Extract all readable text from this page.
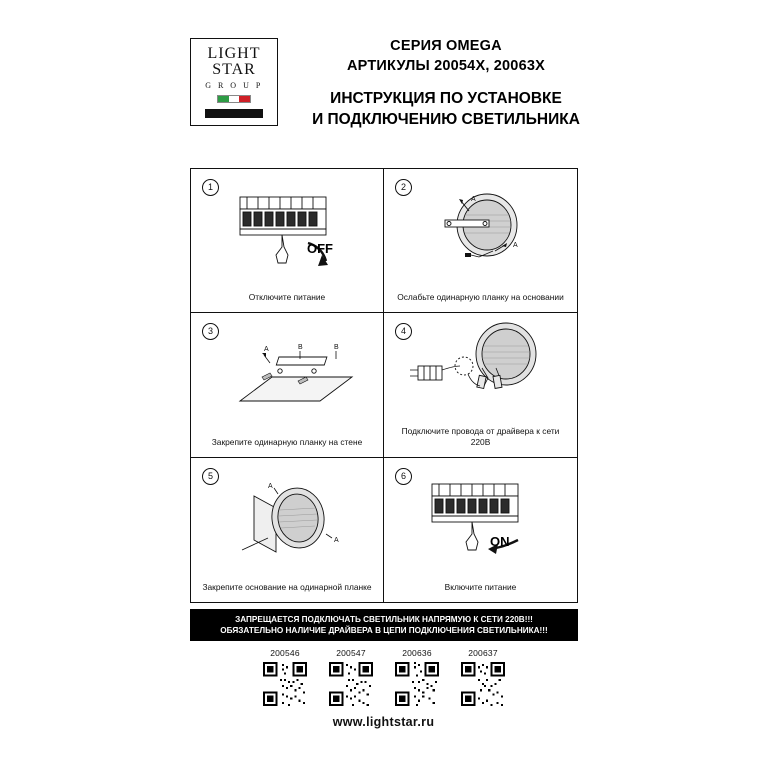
LIGHT
STAR
G R O U P
СЕРИЯ OMEGA
АРТИКУЛЫ 20054X, 20063X
ИНСТРУКЦИЯ ПО УСТАНОВКЕ
И ПОДКЛЮЧЕНИЮ СВЕТИЛЬНИКА
1
Отключите питание
OFF
2
A
A
Ослабьте одинарную планку на основании
3
A	B	B
Закрепите одинарную планку на стене
4
Подключите провода от драйвера к сети 220В
5
A
A
Закрепите основание на одинарной планке
6
Включите питание
ON
ЗАПРЕЩАЕТСЯ ПОДКЛЮЧАТЬ СВЕТИЛЬНИК НАПРЯМУЮ К СЕТИ 220В!!!
ОБЯЗАТЕЛЬНО НАЛИЧИЕ ДРАЙВЕРА В ЦЕПИ ПОДКЛЮЧЕНИЯ СВЕТИЛЬНИКА!!!
200546	200547	200636	200637
www.lightstar.ru
